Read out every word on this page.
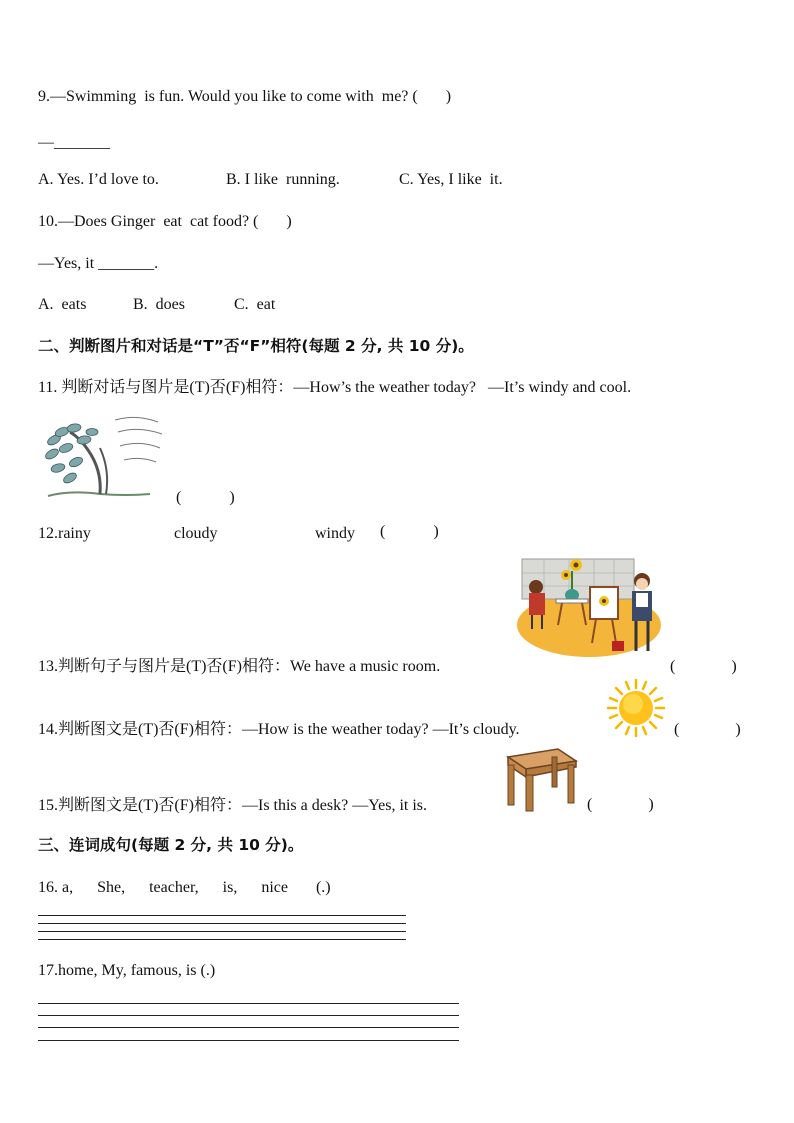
9.—Swimming  is fun. Would you like to come with  me? (       )
—_______
A. Yes. I’d love to.	B. I like  running.	C. Yes, I like  it.
10.—Does Ginger  eat  cat food? (       )
—Yes, it _______.
A.  eats	B.  does	C.  eat
二、判断图片和对话是“T”否“F”相符(每题 2 分, 共 10 分)。
11. 判断对话与图片是(T)否(F)相符：—How’s the weather today?   —It’s windy and cool.
(            )
12.rainy	cloudy	windy (            )
13.判断句子与图片是(T)否(F)相符：We have a music room.	(              )
14.判断图文是(T)否(F)相符：—How is the weather today? —It’s cloudy.	(              )
15.判断图文是(T)否(F)相符：—Is this a desk? —Yes, it is.	(              )
三、连词成句(每题 2 分, 共 10 分)。
16. a,      She,      teacher,      is,      nice       (.)
17.home, My, famous, is (.)
